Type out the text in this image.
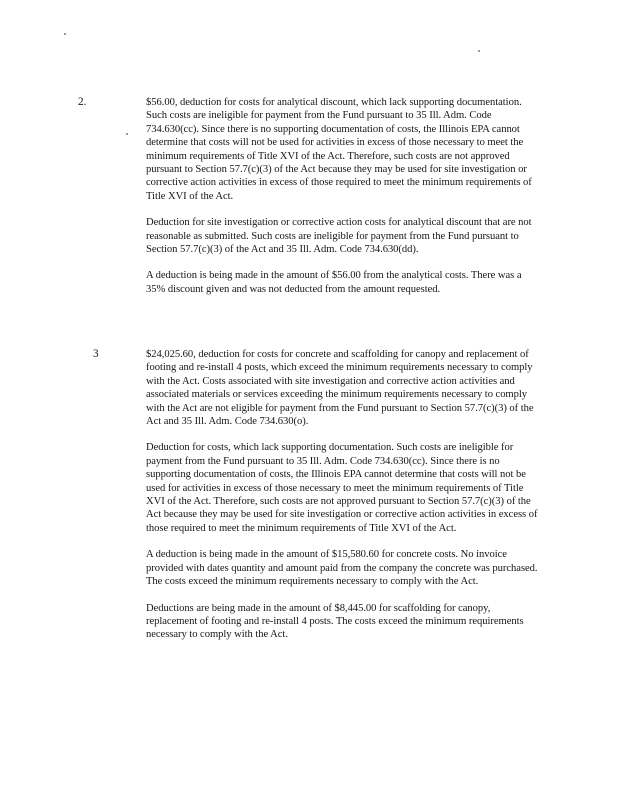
2.	$56.00, deduction for costs for analytical discount, which lack supporting documentation. Such costs are ineligible for payment from the Fund pursuant to 35 Ill. Adm. Code 734.630(cc). Since there is no supporting documentation of costs, the Illinois EPA cannot determine that costs will not be used for activities in excess of those necessary to meet the minimum requirements of Title XVI of the Act. Therefore, such costs are not approved pursuant to Section 57.7(c)(3) of the Act because they may be used for site investigation or corrective action activities in excess of those required to meet the minimum requirements of Title XVI of the Act.

Deduction for site investigation or corrective action costs for analytical discount that are not reasonable as submitted. Such costs are ineligible for payment from the Fund pursuant to Section 57.7(c)(3) of the Act and 35 Ill. Adm. Code 734.630(dd).

A deduction is being made in the amount of $56.00 from the analytical costs. There was a 35% discount given and was not deducted from the amount requested.

3	$24,025.60, deduction for costs for concrete and scaffolding for canopy and replacement of footing and re-install 4 posts, which exceed the minimum requirements necessary to comply with the Act. Costs associated with site investigation and corrective action activities and associated materials or services exceeding the minimum requirements necessary to comply with the Act are not eligible for payment from the Fund pursuant to Section 57.7(c)(3) of the Act and 35 Ill. Adm. Code 734.630(o).

Deduction for costs, which lack supporting documentation. Such costs are ineligible for payment from the Fund pursuant to 35 Ill. Adm. Code 734.630(cc). Since there is no supporting documentation of costs, the Illinois EPA cannot determine that costs will not be used for activities in excess of those necessary to meet the minimum requirements of Title XVI of the Act. Therefore, such costs are not approved pursuant to Section 57.7(c)(3) of the Act because they may be used for site investigation or corrective action activities in excess of those required to meet the minimum requirements of Title XVI of the Act.

A deduction is being made in the amount of $15,580.60 for concrete costs. No invoice provided with dates quantity and amount paid from the company the concrete was purchased. The costs exceed the minimum requirements necessary to comply with the Act.

Deductions are being made in the amount of $8,445.00 for scaffolding for canopy, replacement of footing and re-install 4 posts. The costs exceed the minimum requirements necessary to comply with the Act.
